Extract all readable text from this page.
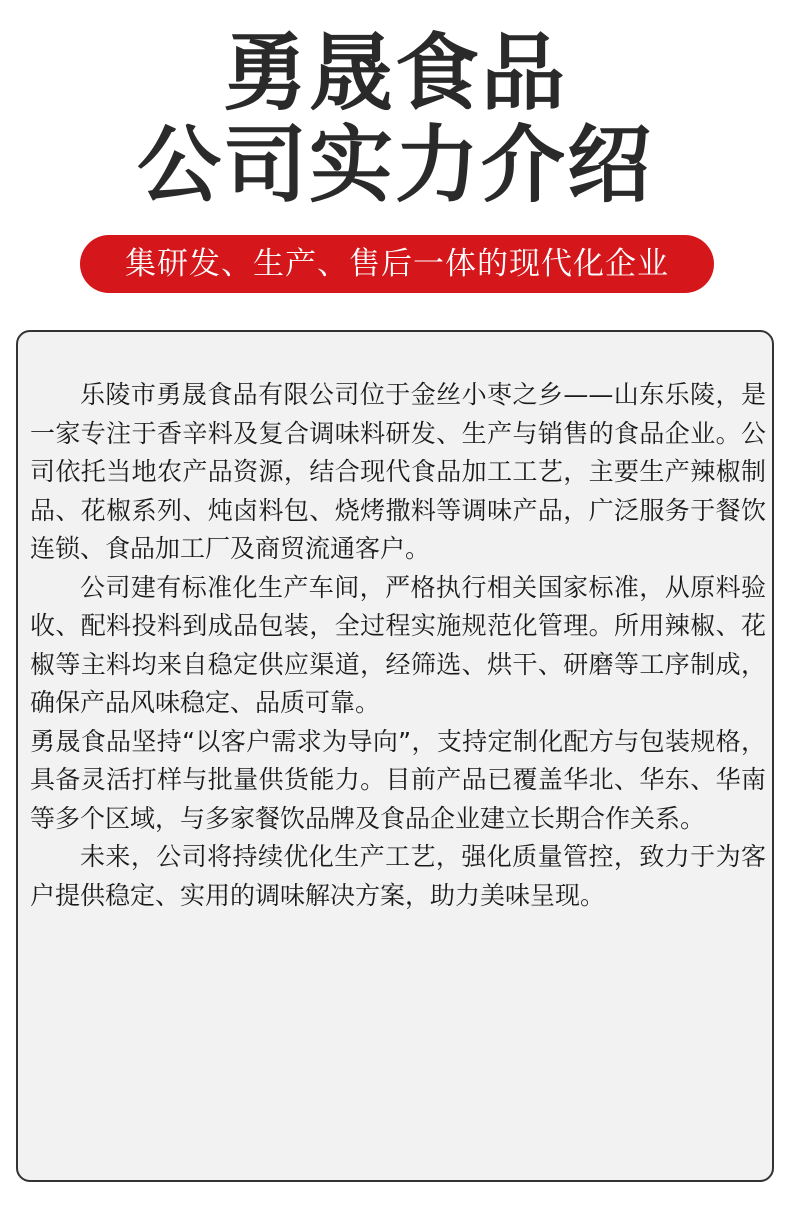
勇晟食品
公司实力介绍
集研发、生产、售后一体的现代化企业

乐陵市勇晟食品有限公司位于金丝小枣之乡——山东乐陵，是一家专注于香辛料及复合调味料研发、生产与销售的食品企业。公司依托当地农产品资源，结合现代食品加工工艺，主要生产辣椒制品、花椒系列、炖卤料包、烧烤撒料等调味产品，广泛服务于餐饮连锁、食品加工厂及商贸流通客户。

公司建有标准化生产车间，严格执行相关国家标准，从原料验收、配料投料到成品包装，全过程实施规范化管理。所用辣椒、花椒等主料均来自稳定供应渠道，经筛选、烘干、研磨等工序制成，确保产品风味稳定、品质可靠。

勇晟食品坚持“以客户需求为导向”，支持定制化配方与包装规格，具备灵活打样与批量供货能力。目前产品已覆盖华北、华东、华南等多个区域，与多家餐饮品牌及食品企业建立长期合作关系。

未来，公司将持续优化生产工艺，强化质量管控，致力于为客户提供稳定、实用的调味解决方案，助力美味呈现。
